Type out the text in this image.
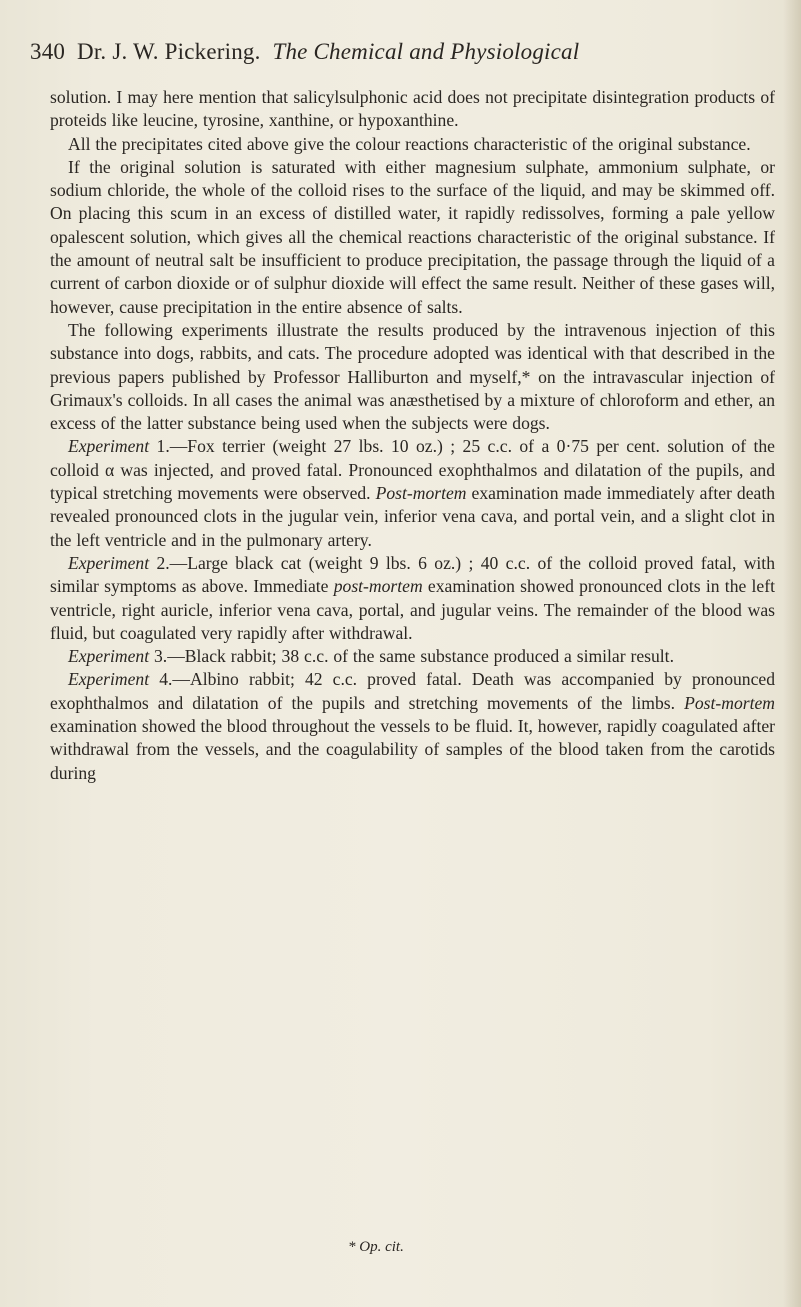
340 Dr. J. W. Pickering. The Chemical and Physiological

solution. I may here mention that salicylsulphonic acid does not precipitate disintegration products of proteids like leucine, tyrosine, xanthine, or hypoxanthine.

All the precipitates cited above give the colour reactions characteristic of the original substance.

If the original solution is saturated with either magnesium sulphate, ammonium sulphate, or sodium chloride, the whole of the colloid rises to the surface of the liquid, and may be skimmed off. On placing this scum in an excess of distilled water, it rapidly redissolves, forming a pale yellow opalescent solution, which gives all the chemical reactions characteristic of the original substance. If the amount of neutral salt be insufficient to produce precipitation, the passage through the liquid of a current of carbon dioxide or of sulphur dioxide will effect the same result. Neither of these gases will, however, cause precipitation in the entire absence of salts.

The following experiments illustrate the results produced by the intravenous injection of this substance into dogs, rabbits, and cats. The procedure adopted was identical with that described in the previous papers published by Professor Halliburton and myself,* on the intravascular injection of Grimaux's colloids. In all cases the animal was anæsthetised by a mixture of chloroform and ether, an excess of the latter substance being used when the subjects were dogs.

Experiment 1.—Fox terrier (weight 27 lbs. 10 oz.) ; 25 c.c. of a 0·75 per cent. solution of the colloid α was injected, and proved fatal. Pronounced exophthalmos and dilatation of the pupils, and typical stretching movements were observed. Post-mortem examination made immediately after death revealed pronounced clots in the jugular vein, inferior vena cava, and portal vein, and a slight clot in the left ventricle and in the pulmonary artery.

Experiment 2.—Large black cat (weight 9 lbs. 6 oz.) ; 40 c.c. of the colloid proved fatal, with similar symptoms as above. Immediate post-mortem examination showed pronounced clots in the left ventricle, right auricle, inferior vena cava, portal, and jugular veins. The remainder of the blood was fluid, but coagulated very rapidly after withdrawal.

Experiment 3.—Black rabbit; 38 c.c. of the same substance produced a similar result.

Experiment 4.—Albino rabbit; 42 c.c. proved fatal. Death was accompanied by pronounced exophthalmos and dilatation of the pupils and stretching movements of the limbs. Post-mortem examination showed the blood throughout the vessels to be fluid. It, however, rapidly coagulated after withdrawal from the vessels, and the coagulability of samples of the blood taken from the carotids during

* Op. cit.
